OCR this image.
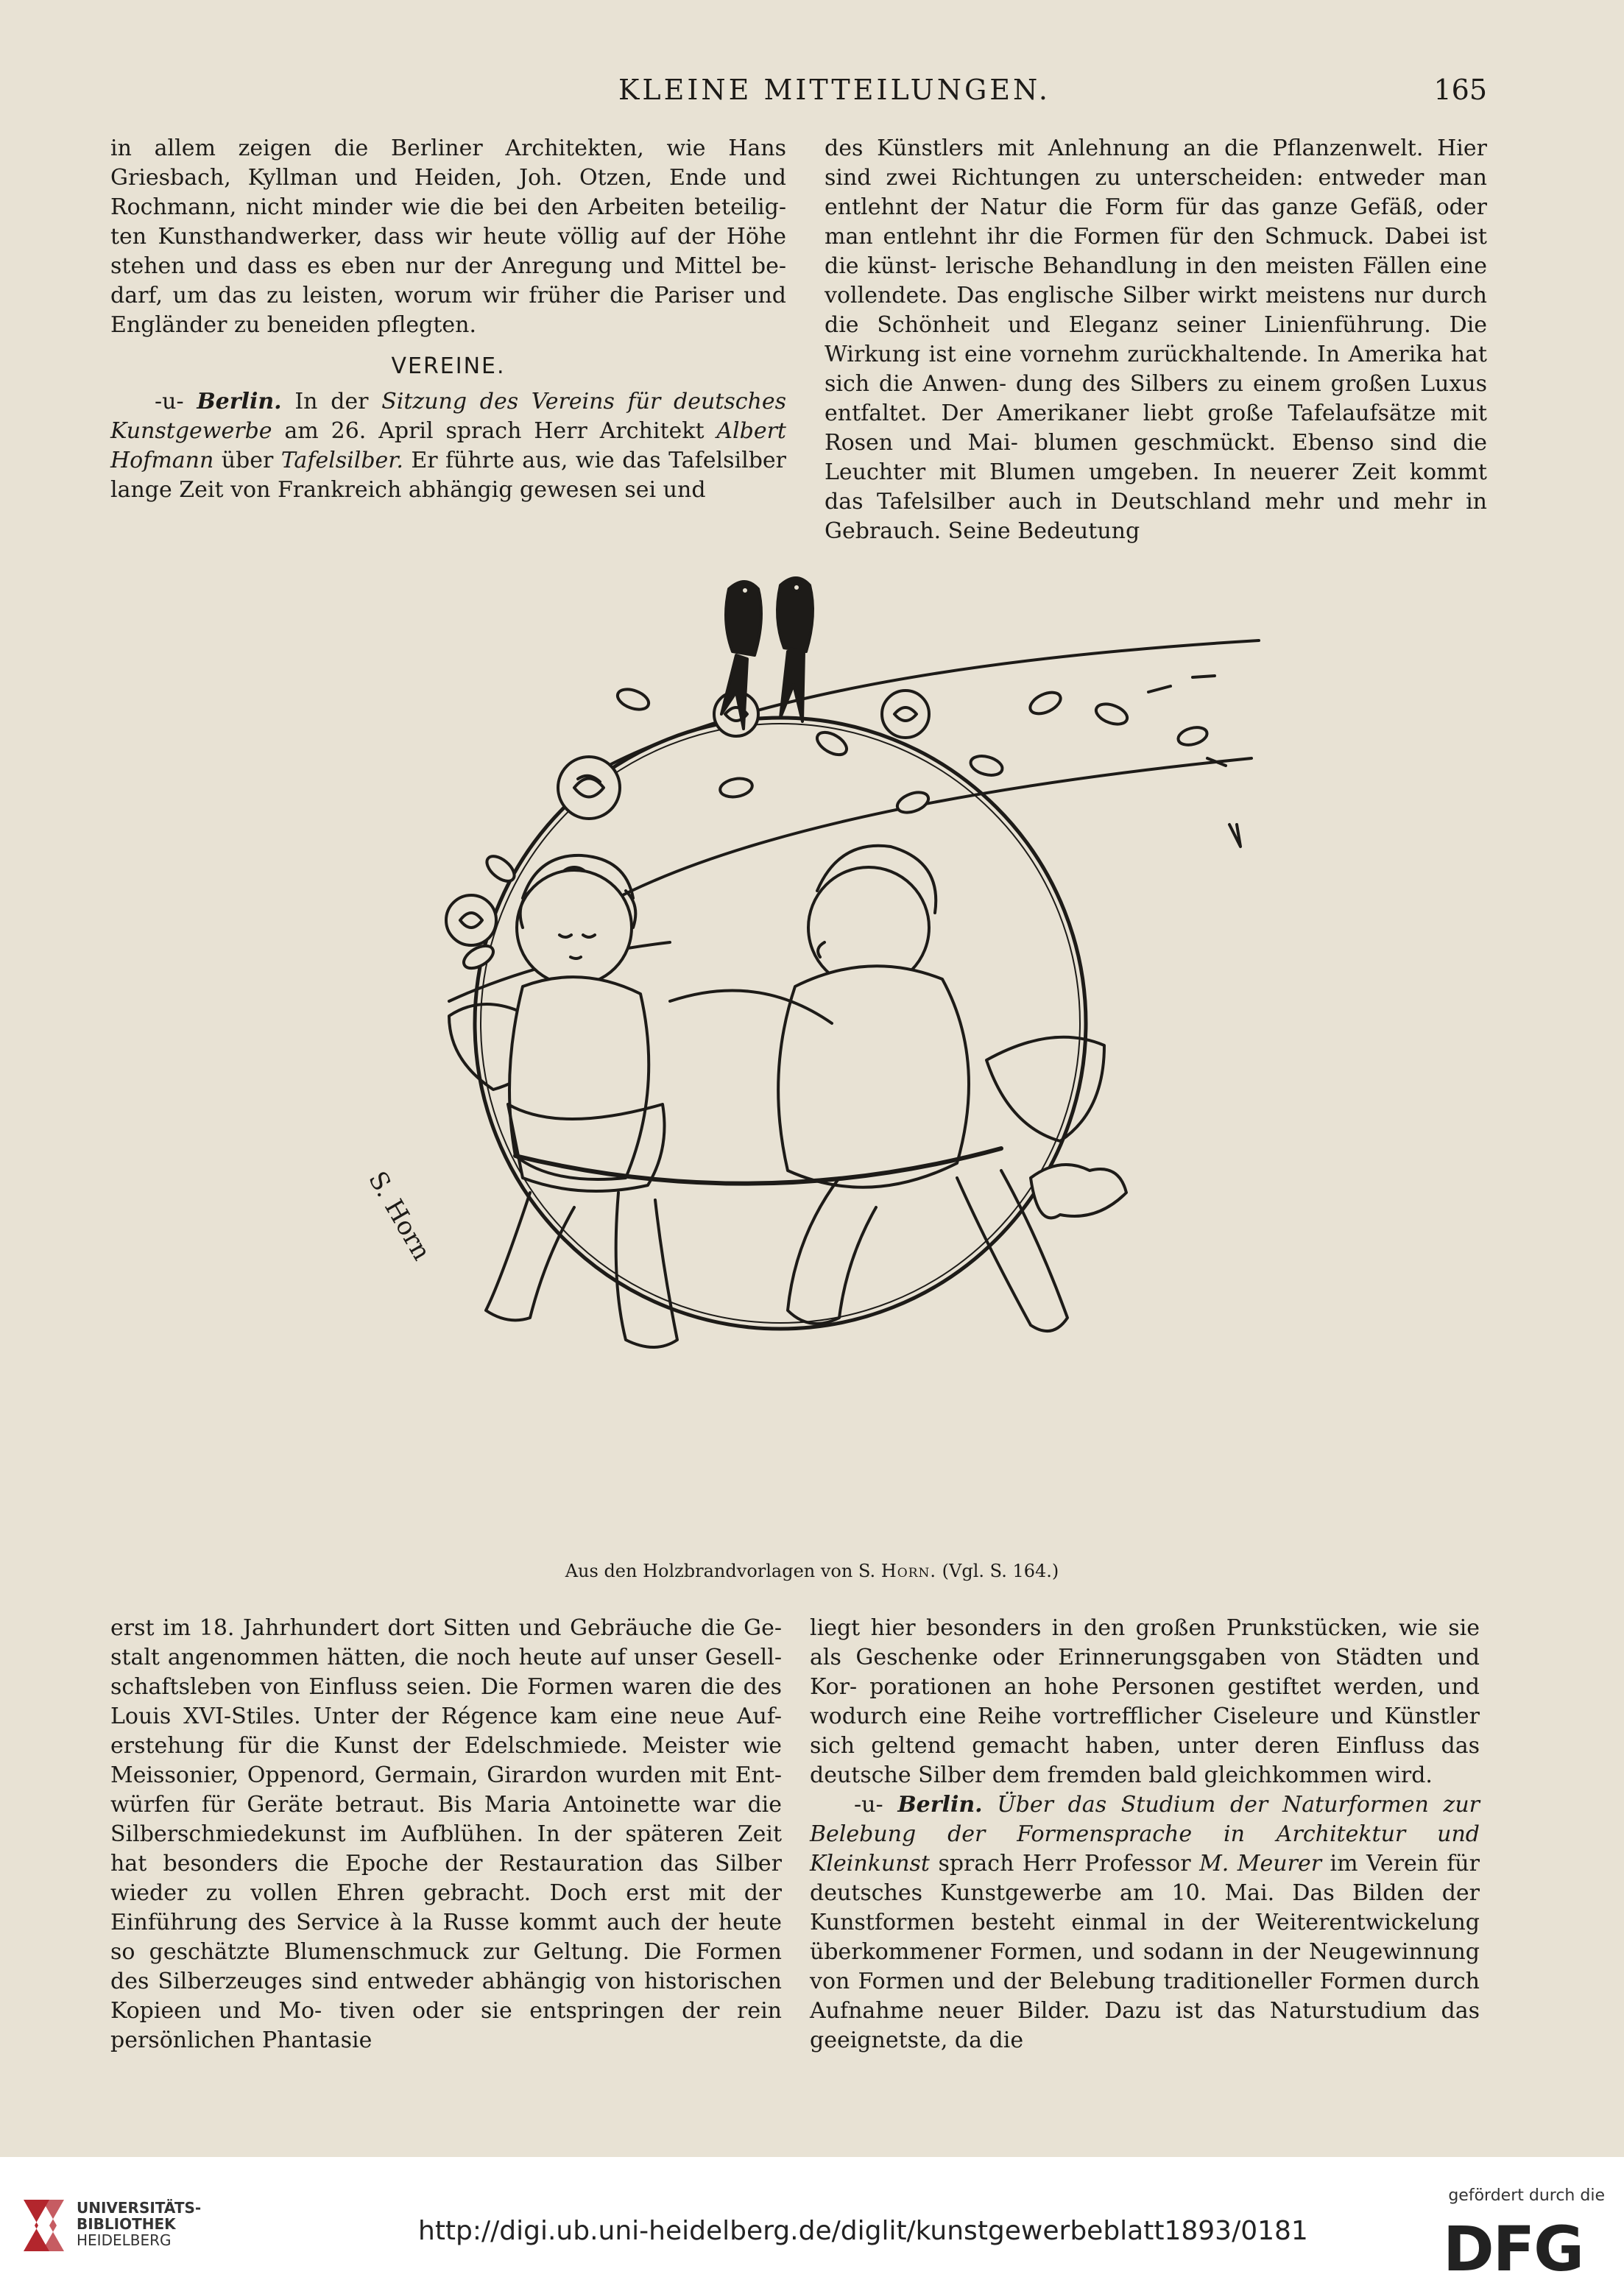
KLEINE MITTEILUNGEN.	165

in allem zeigen die Berliner Architekten, wie Hans Griesbach, Kyllman und Heiden, Joh. Otzen, Ende und Rochmann, nicht minder wie die bei den Arbeiten beteilig- ten Kunsthandwerker, dass wir heute völlig auf der Höhe stehen und dass es eben nur der Anregung und Mittel be- darf, um das zu leisten, worum wir früher die Pariser und Engländer zu beneiden pflegten.

VEREINE.

-u- Berlin. In der Sitzung des Vereins für deutsches Kunstgewerbe am 26. April sprach Herr Architekt Albert Hofmann über Tafelsilber. Er führte aus, wie das Tafelsilber lange Zeit von Frankreich abhängig gewesen sei und

des Künstlers mit Anlehnung an die Pflanzenwelt. Hier sind zwei Richtungen zu unterscheiden: entweder man entlehnt der Natur die Form für das ganze Gefäß, oder man entlehnt ihr die Formen für den Schmuck. Dabei ist die künst- lerische Behandlung in den meisten Fällen eine vollendete. Das englische Silber wirkt meistens nur durch die Schönheit und Eleganz seiner Linienführung. Die Wirkung ist eine vornehm zurückhaltende. In Amerika hat sich die Anwen- dung des Silbers zu einem großen Luxus entfaltet. Der Amerikaner liebt große Tafelaufsätze mit Rosen und Mai- blumen geschmückt. Ebenso sind die Leuchter mit Blumen umgeben. In neuerer Zeit kommt das Tafelsilber auch in Deutschland mehr und mehr in Gebrauch. Seine Bedeutung

S. Horn
Aus den Holzbrandvorlagen von S. Horn. (Vgl. S. 164.)

erst im 18. Jahrhundert dort Sitten und Gebräuche die Ge- stalt angenommen hätten, die noch heute auf unser Gesell- schaftsleben von Einfluss seien. Die Formen waren die des Louis XVI-Stiles. Unter der Régence kam eine neue Auf- erstehung für die Kunst der Edelschmiede. Meister wie Meissonier, Oppenord, Germain, Girardon wurden mit Ent- würfen für Geräte betraut. Bis Maria Antoinette war die Silberschmiedekunst im Aufblühen. In der späteren Zeit hat besonders die Epoche der Restauration das Silber wieder zu vollen Ehren gebracht. Doch erst mit der Einführung des Service à la Russe kommt auch der heute so geschätzte Blumenschmuck zur Geltung. Die Formen des Silberzeuges sind entweder abhängig von historischen Kopieen und Mo- tiven oder sie entspringen der rein persönlichen Phantasie

liegt hier besonders in den großen Prunkstücken, wie sie als Geschenke oder Erinnerungsgaben von Städten und Kor- porationen an hohe Personen gestiftet werden, und wodurch eine Reihe vortrefflicher Ciseleure und Künstler sich geltend gemacht haben, unter deren Einfluss das deutsche Silber dem fremden bald gleichkommen wird.

-u- Berlin. Über das Studium der Naturformen zur Belebung der Formensprache in Architektur und Kleinkunst sprach Herr Professor M. Meurer im Verein für deutsches Kunstgewerbe am 10. Mai. Das Bilden der Kunstformen besteht einmal in der Weiterentwickelung überkommener Formen, und sodann in der Neugewinnung von Formen und der Belebung traditioneller Formen durch Aufnahme neuer Bilder. Dazu ist das Naturstudium das geeignetste, da die

UNIVERSITÄTS-
BIBLIOTHEK
HEIDELBERG	http://digi.ub.uni-heidelberg.de/diglit/kunstgewerbeblatt1893/0181
gefördert durch die
DFG
